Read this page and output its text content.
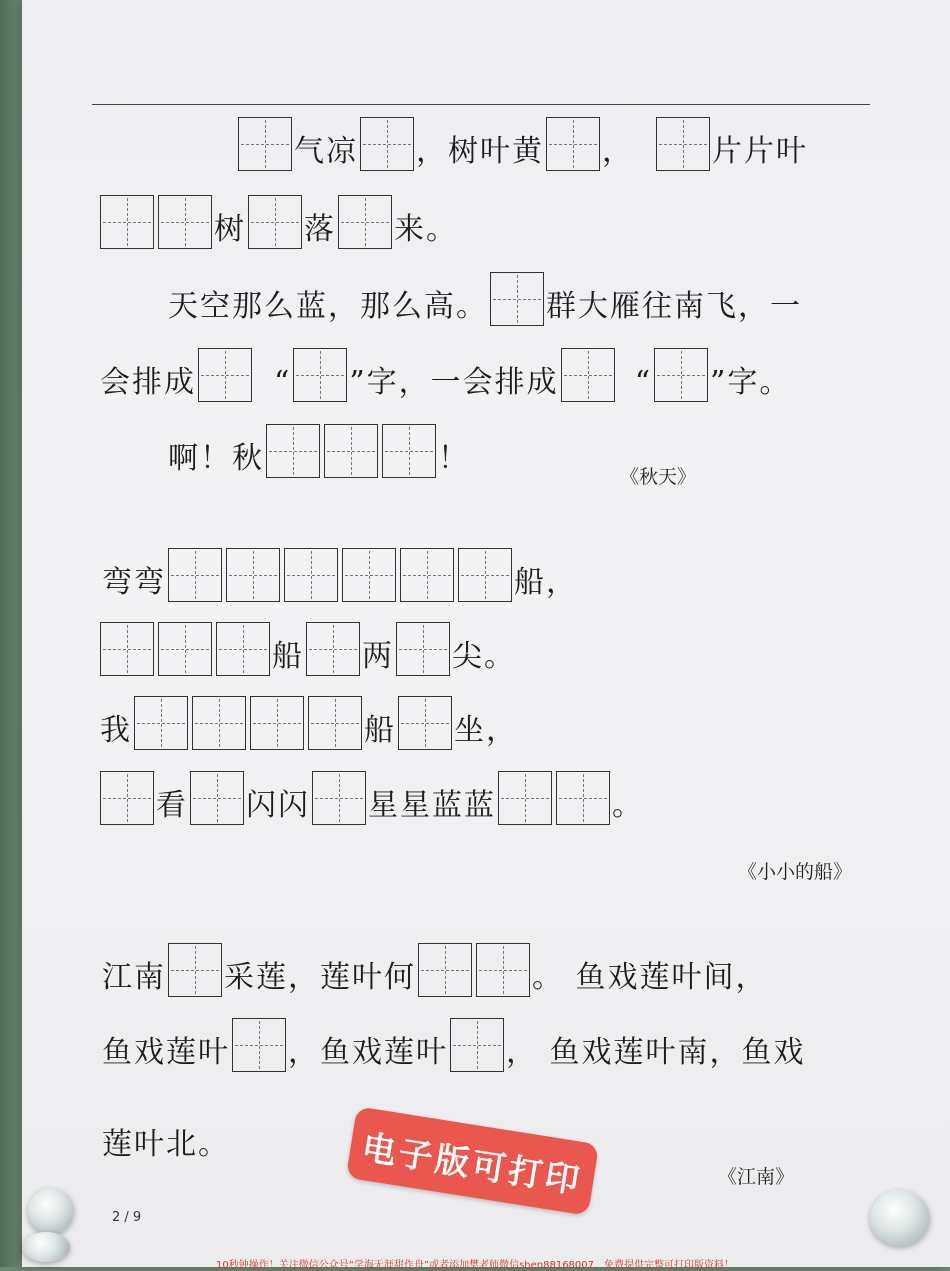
气凉 ，树叶黄 ，	片片叶
树 落 来。
天空那么蓝，那么高。 群大雁往南飞，一
会排成	“ ”字，一会排成	“ ”字。
啊！秋	！
《秋天》
弯弯	船，
船 两 尖。
我	船 坐，
看 闪闪 星星蓝蓝	。
《小小的船》
江南 采莲，莲叶何	。 鱼戏莲叶间，
鱼戏莲叶 ，鱼戏莲叶 ， 鱼戏莲叶南，鱼戏
莲叶北。
《江南》
电子版可打印
2 / 9
10秒钟操作！关注微信公众号“学海无涯甜作舟”或者添加樊老师微信shen88168007，免费提供完整可打印版资料！
